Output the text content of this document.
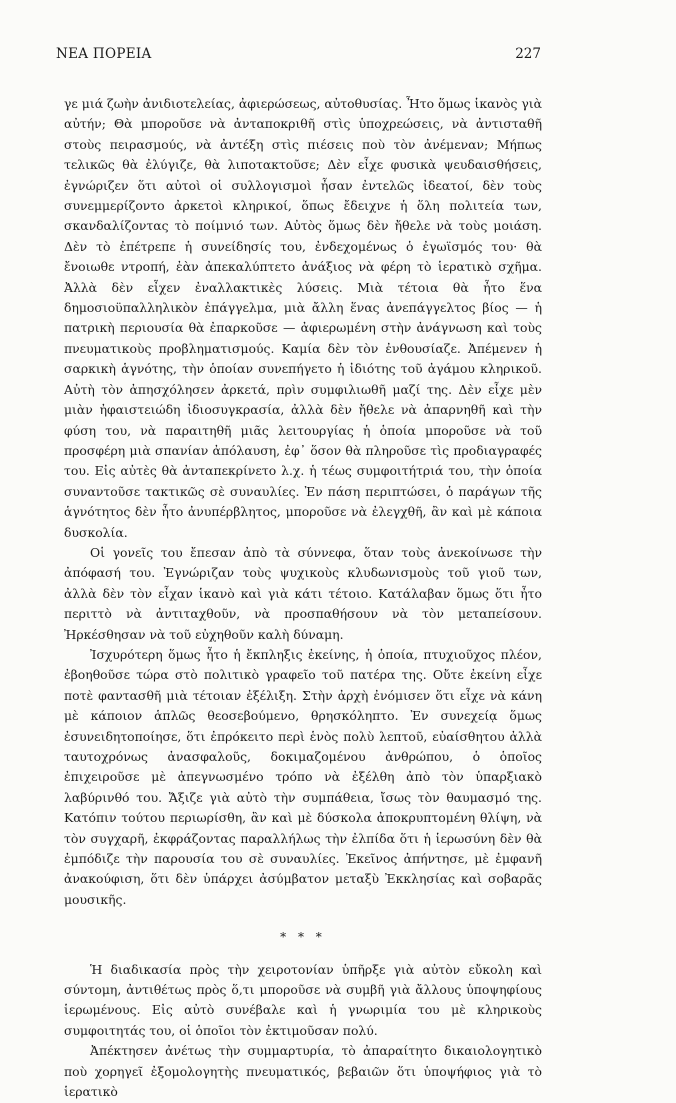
ΝΕΑ ΠΟΡΕΙΑ	227

γε μιά ζωὴν ἀνιδιοτελείας, ἀφιερώσεως, αὐτοθυσίας. Ἦτο ὅμως ἱκανὸς γιὰ αὐτήν; Θὰ μποροῦσε νὰ ἀνταποκριθῆ στὶς ὑποχρεώσεις, νὰ ἀντισταθῆ στοὺς πειρασμούς, νὰ ἀντέξη στὶς πιέσεις ποὺ τὸν ἀνέμεναν; Μήπως τελικῶς θὰ ἐλύγιζε, θὰ λιποτακτοῦσε; Δὲν εἶχε φυσικὰ ψευδαισθήσεις, ἐγνώριζεν ὅτι αὐτοὶ οἱ συλλογισμοὶ ἦσαν ἐντελῶς ἰδεατοί, δὲν τοὺς συνεμμερίζοντο ἀρκετοὶ κληρικοί, ὅπως ἔδειχνε ἡ ὅλη πολιτεία των, σκανδαλίζοντας τὸ ποίμνιό των. Αὐτὸς ὅμως δὲν ἤθελε νὰ τοὺς μοιάση. Δὲν τὸ ἐπέτρεπε ἡ συνείδησίς του, ἐνδεχομένως ὁ ἐγωϊσμός του· θὰ ἔνοιωθε ντροπή, ἐὰν ἀπεκαλύπτετο ἀνάξιος νὰ φέρη τὸ ἱερατικὸ σχῆμα. Ἀλλὰ δὲν εἶχεν ἐναλλακτικὲς λύσεις. Μιὰ τέτοια θὰ ἦτο ἕνα δημοσιοϋπαλληλικὸν ἐπάγγελμα, μιὰ ἄλλη ἕνας ἀνεπάγγελτος βίος — ἡ πατρικὴ περιουσία θὰ ἐπαρκοῦσε — ἀφιερωμένη στὴν ἀνάγνωση καὶ τοὺς πνευματικοὺς προβληματισμούς. Καμία δὲν τὸν ἐνθουσίαζε. Ἀπέμενεν ἡ σαρκικὴ ἁγνότης, τὴν ὁποίαν συνεπήγετο ἡ ἰδιότης τοῦ ἀγάμου κληρικοῦ. Αὐτὴ τὸν ἀπησχόλησεν ἀρκετά, πρὶν συμφιλιωθῆ μαζί της. Δὲν εἶχε μὲν μιὰν ἠφαιστειώδη ἰδιοσυγκρασία, ἀλλὰ δὲν ἤθελε νὰ ἀπαρνηθῆ καὶ τὴν φύση του, νὰ παραιτηθῆ μιᾶς λειτουργίας ἡ ὁποία μποροῦσε νὰ τοῦ προσφέρη μιὰ σπανίαν ἀπόλαυση, ἐφ᾽ ὅσον θὰ πληροῦσε τὶς προδιαγραφές του. Εἰς αὐτὲς θὰ ἀνταπεκρίνετο λ.χ. ἡ τέως συμφοιτήτριά του, τὴν ὁποία συναντοῦσε τακτικῶς σὲ συναυλίες. Ἐν πάση περιπτώσει, ὁ παράγων τῆς ἁγνότητος δὲν ἦτο ἀνυπέρβλητος, μποροῦσε νὰ ἐλεγχθῆ, ἂν καὶ μὲ κάποια δυσκολία.

Οἱ γονεῖς του ἔπεσαν ἀπὸ τὰ σύννεφα, ὅταν τοὺς ἀνεκοίνωσε τὴν ἀπόφασή του. Ἐγνώριζαν τοὺς ψυχικοὺς κλυδωνισμοὺς τοῦ γιοῦ των, ἀλλὰ δὲν τὸν εἶχαν ἱκανὸ καὶ γιὰ κάτι τέτοιο. Κατάλαβαν ὅμως ὅτι ἦτο περιττὸ νὰ ἀντιταχθοῦν, νὰ προσπαθήσουν νὰ τὸν μεταπείσουν. Ἠρκέσθησαν νὰ τοῦ εὐχηθοῦν καλὴ δύναμη.

Ἰσχυρότερη ὅμως ἦτο ἡ ἔκπληξις ἐκείνης, ἡ ὁποία, πτυχιοῦχος πλέον, ἐβοηθοῦσε τώρα στὸ πολιτικὸ γραφεῖο τοῦ πατέρα της. Οὔτε ἐκείνη εἶχε ποτὲ φαντασθῆ μιὰ τέτοιαν ἐξέλιξη. Στὴν ἀρχὴ ἐνόμισεν ὅτι εἶχε νὰ κάνη μὲ κάποιον ἁπλῶς θεοσεβούμενο, θρησκόληπτο. Ἐν συνεχείᾳ ὅμως ἐσυνειδητοποίησε, ὅτι ἐπρόκειτο περὶ ἑνὸς πολὺ λεπτοῦ, εὐαίσθητου ἀλλὰ ταυτοχρόνως ἀνασφαλοῦς, δοκιμαζομένου ἀνθρώπου, ὁ ὁποῖος ἐπιχειροῦσε μὲ ἀπεγνωσμένο τρόπο νὰ ἐξέλθη ἀπὸ τὸν ὑπαρξιακὸ λαβύρινθό του. Ἄξιζε γιὰ αὐτὸ τὴν συμπάθεια, ἴσως τὸν θαυμασμό της. Κατόπιν τούτου περιωρίσθη, ἂν καὶ μὲ δύσκολα ἀποκρυπτομένη θλίψη, νὰ τὸν συγχαρῆ, ἐκφράζοντας παραλλήλως τὴν ἐλπίδα ὅτι ἡ ἱερωσύνη δὲν θὰ ἐμπόδιζε τὴν παρουσία του σὲ συναυλίες. Ἐκεῖνος ἀπήντησε, μὲ ἐμφανῆ ἀνακούφιση, ὅτι δὲν ὑπάρχει ἀσύμβατον μεταξὺ Ἐκκλησίας καὶ σοβαρᾶς μουσικῆς.

* * *

Ἡ διαδικασία πρὸς τὴν χειροτονίαν ὑπῆρξε γιὰ αὐτὸν εὔκολη καὶ σύντομη, ἀντιθέτως πρὸς ὅ,τι μποροῦσε νὰ συμβῆ γιὰ ἄλλους ὑποψηφίους ἱερωμένους. Εἰς αὐτὸ συνέβαλε καὶ ἡ γνωριμία του μὲ κληρικοὺς συμφοιτητάς του, οἱ ὁποῖοι τὸν ἐκτιμοῦσαν πολύ.

Ἀπέκτησεν ἀνέτως τὴν συμμαρτυρία, τὸ ἀπαραίτητο δικαιολογητικὸ ποὺ χορηγεῖ ἐξομολογητὴς πνευματικός, βεβαιῶν ὅτι ὑποψήφιος γιὰ τὸ ἱερατικὸ
